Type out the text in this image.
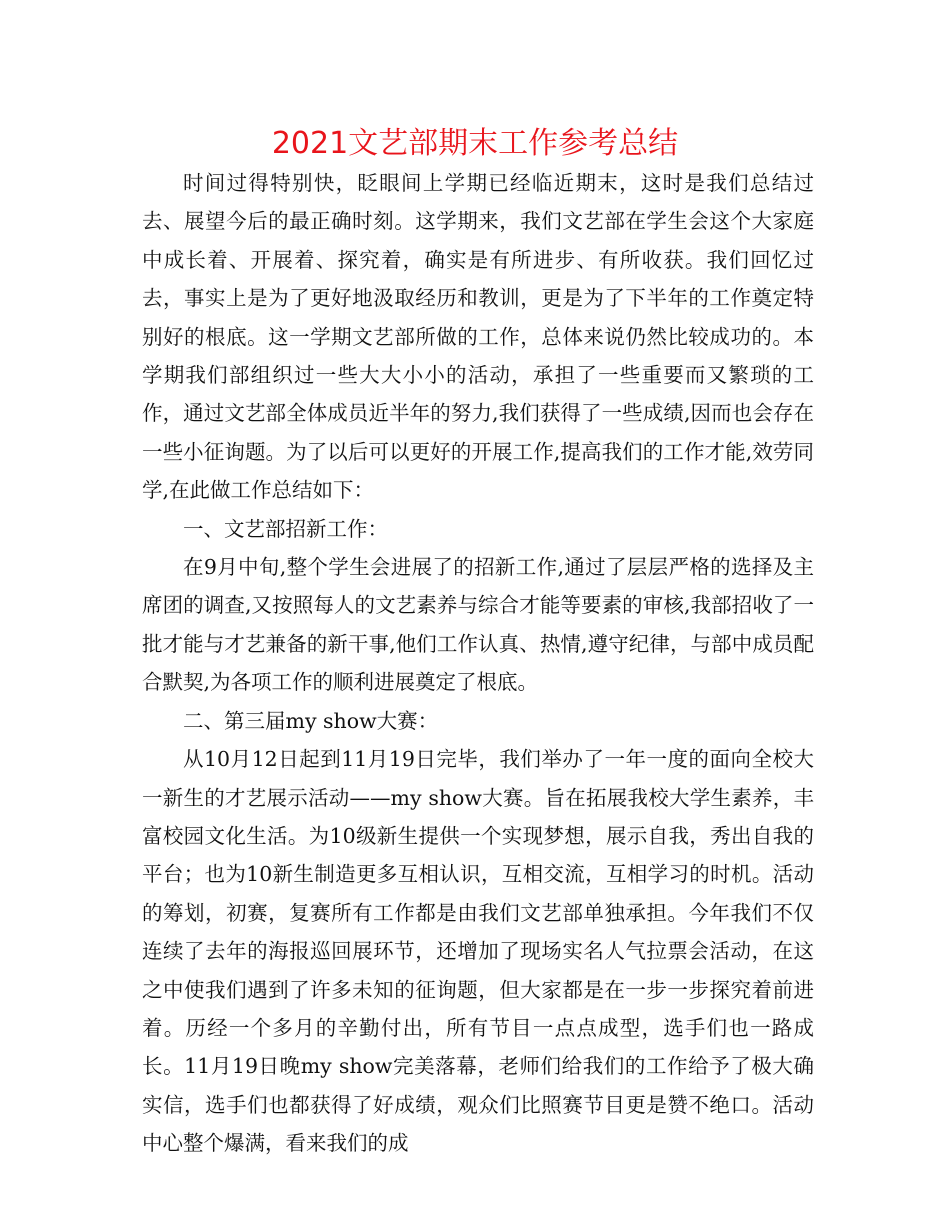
2021文艺部期末工作参考总结

时间过得特别快，眨眼间上学期已经临近期末，这时是我们总结过去、展望今后的最正确时刻。这学期来，我们文艺部在学生会这个大家庭中成长着、开展着、探究着，确实是有所进步、有所收获。我们回忆过去，事实上是为了更好地汲取经历和教训，更是为了下半年的工作奠定特别好的根底。这一学期文艺部所做的工作，总体来说仍然比较成功的。本学期我们部组织过一些大大小小的活动，承担了一些重要而又繁琐的工作，通过文艺部全体成员近半年的努力,我们获得了一些成绩,因而也会存在一些小征询题。为了以后可以更好的开展工作,提高我们的工作才能,效劳同学,在此做工作总结如下：

一、文艺部招新工作：

在9月中旬,整个学生会进展了的招新工作,通过了层层严格的选择及主席团的调查,又按照每人的文艺素养与综合才能等要素的审核,我部招收了一批才能与才艺兼备的新干事,他们工作认真、热情,遵守纪律，与部中成员配合默契,为各项工作的顺利进展奠定了根底。

二、第三届my show大赛：

从10月12日起到11月19日完毕，我们举办了一年一度的面向全校大一新生的才艺展示活动——my show大赛。旨在拓展我校大学生素养，丰富校园文化生活。为10级新生提供一个实现梦想，展示自我，秀出自我的平台；也为10新生制造更多互相认识，互相交流，互相学习的时机。活动的筹划，初赛，复赛所有工作都是由我们文艺部单独承担。今年我们不仅连续了去年的海报巡回展环节，还增加了现场实名人气拉票会活动，在这之中使我们遇到了许多未知的征询题，但大家都是在一步一步探究着前进着。历经一个多月的辛勤付出，所有节目一点点成型，选手们也一路成长。11月19日晚my show完美落幕，老师们给我们的工作给予了极大确实信，选手们也都获得了好成绩，观众们比照赛节目更是赞不绝口。活动中心整个爆满，看来我们的成
